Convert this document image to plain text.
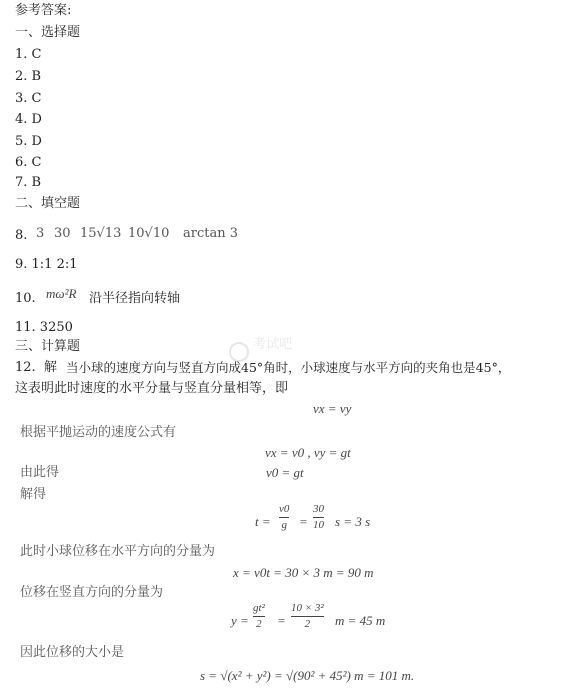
参考答案:
一、选择题
1. C
2. B
3. C
4. D
5. D
6. C
7. B
二、填空题
8. 3 30 15√13 10√10 arctan 3
9. 1:1 2:1
10. mω²R 沿半径指向转轴
11. 3250
三、计算题
12. 解 当小球的速度方向与竖直方向成45°角时，小球速度与水平方向的夹角也是45°，
这表明此时速度的水平分量与竖直分量相等，即
vx = vy
根据平抛运动的速度公式有
vx = v0 , vy = gt
由此得	v0 = gt
解得
t =
v0
g =
30
10 s = 3 s
此时小球位移在水平方向的分量为
x = v0t = 30 × 3 m = 90 m
位移在竖直方向的分量为
y =
gt²
2 =
10 × 3²
2	m = 45 m
因此位移的大小是
s = √(x² + y²) = √(90² + 45²) m = 101 m.
考试吧
